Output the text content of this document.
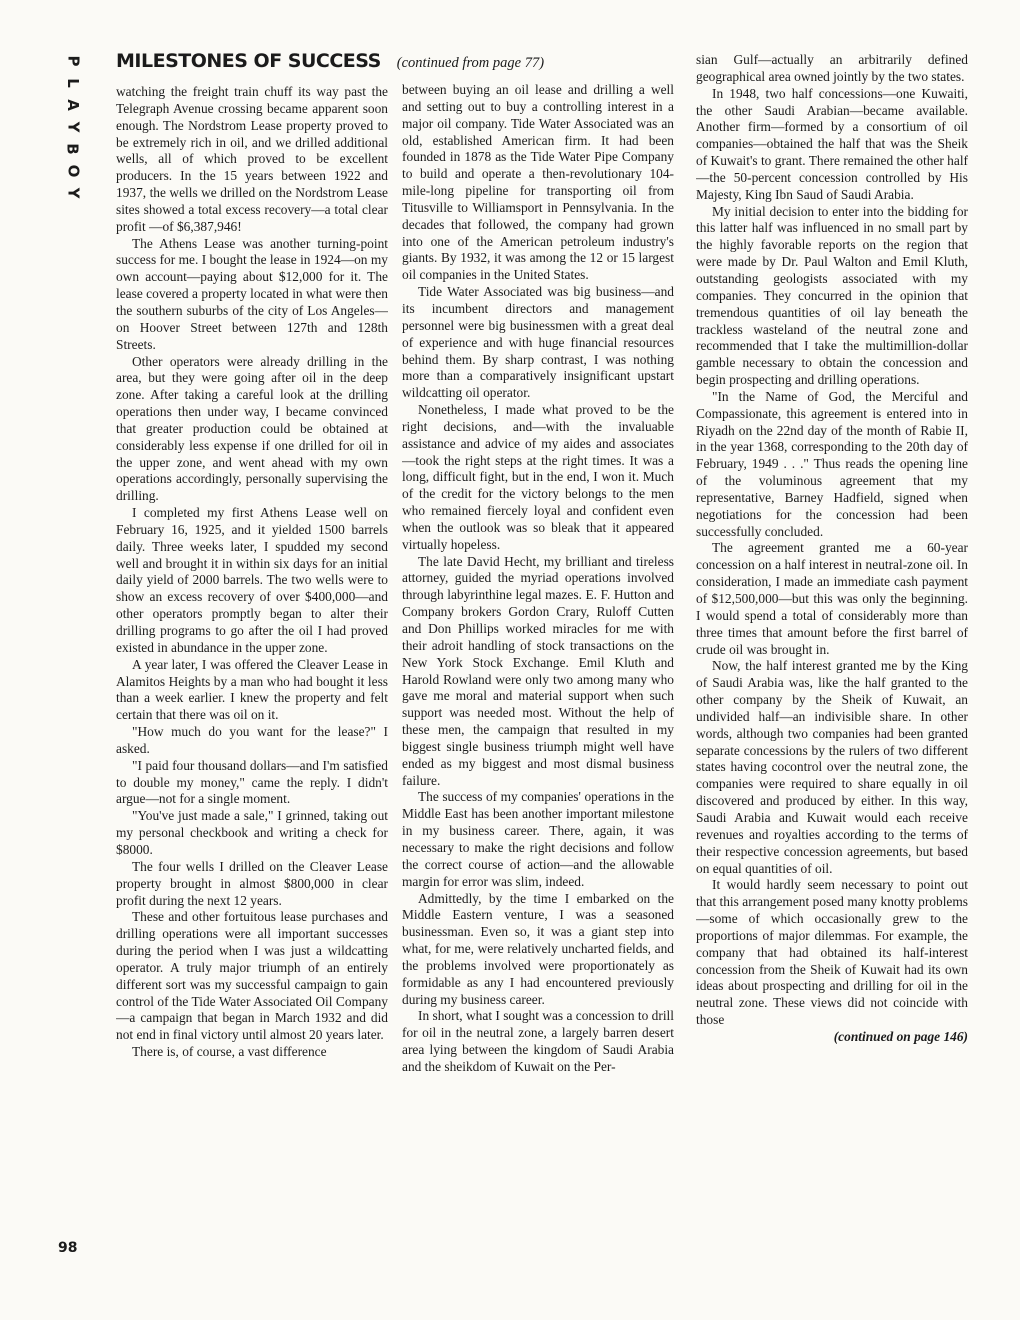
P
L
A
Y
B
O
Y
MILESTONES OF SUCCESS (continued from page 77)

watching the freight train chuff its way past the Telegraph Avenue crossing became apparent soon enough. The Nordstrom Lease property proved to be extremely rich in oil, and we drilled additional wells, all of which proved to be excellent producers. In the 15 years between 1922 and 1937, the wells we drilled on the Nordstrom Lease sites showed a total excess recovery—a total clear profit —of $6,387,946!

The Athens Lease was another turning-point success for me. I bought the lease in 1924—on my own account—paying about $12,000 for it. The lease covered a property located in what were then the southern suburbs of the city of Los Angeles—on Hoover Street between 127th and 128th Streets.

Other operators were already drilling in the area, but they were going after oil in the deep zone. After taking a careful look at the drilling operations then under way, I became convinced that greater production could be obtained at considerably less expense if one drilled for oil in the upper zone, and went ahead with my own operations accordingly, personally supervising the drilling.

I completed my first Athens Lease well on February 16, 1925, and it yielded 1500 barrels daily. Three weeks later, I spudded my second well and brought it in within six days for an initial daily yield of 2000 barrels. The two wells were to show an excess recovery of over $400,000—and other operators promptly began to alter their drilling programs to go after the oil I had proved existed in abundance in the upper zone.

A year later, I was offered the Cleaver Lease in Alamitos Heights by a man who had bought it less than a week earlier. I knew the property and felt certain that there was oil on it.

"How much do you want for the lease?" I asked.

"I paid four thousand dollars—and I'm satisfied to double my money," came the reply. I didn't argue—not for a single moment.

"You've just made a sale," I grinned, taking out my personal checkbook and writing a check for $8000.

The four wells I drilled on the Cleaver Lease property brought in almost $800,000 in clear profit during the next 12 years.

These and other fortuitous lease purchases and drilling operations were all important successes during the period when I was just a wildcatting operator. A truly major triumph of an entirely different sort was my successful campaign to gain control of the Tide Water Associated Oil Company—a campaign that began in March 1932 and did not end in final victory until almost 20 years later.

There is, of course, a vast difference

between buying an oil lease and drilling a well and setting out to buy a controlling interest in a major oil company. Tide Water Associated was an old, established American firm. It had been founded in 1878 as the Tide Water Pipe Company to build and operate a then-revolutionary 104-mile-long pipeline for transporting oil from Titusville to Williamsport in Pennsylvania. In the decades that followed, the company had grown into one of the American petroleum industry's giants. By 1932, it was among the 12 or 15 largest oil companies in the United States.

Tide Water Associated was big business—and its incumbent directors and management personnel were big businessmen with a great deal of experience and with huge financial resources behind them. By sharp contrast, I was nothing more than a comparatively insignificant upstart wildcatting oil operator.

Nonetheless, I made what proved to be the right decisions, and—with the invaluable assistance and advice of my aides and associates—took the right steps at the right times. It was a long, difficult fight, but in the end, I won it. Much of the credit for the victory belongs to the men who remained fiercely loyal and confident even when the outlook was so bleak that it appeared virtually hopeless.

The late David Hecht, my brilliant and tireless attorney, guided the myriad operations involved through labyrinthine legal mazes. E. F. Hutton and Company brokers Gordon Crary, Ruloff Cutten and Don Phillips worked miracles for me with their adroit handling of stock transactions on the New York Stock Exchange. Emil Kluth and Harold Rowland were only two among many who gave me moral and material support when such support was needed most. Without the help of these men, the campaign that resulted in my biggest single business triumph might well have ended as my biggest and most dismal business failure.

The success of my companies' operations in the Middle East has been another important milestone in my business career. There, again, it was necessary to make the right decisions and follow the correct course of action—and the allowable margin for error was slim, indeed.

Admittedly, by the time I embarked on the Middle Eastern venture, I was a seasoned businessman. Even so, it was a giant step into what, for me, were relatively uncharted fields, and the problems involved were proportionately as formidable as any I had encountered previously during my business career.

In short, what I sought was a concession to drill for oil in the neutral zone, a largely barren desert area lying between the kingdom of Saudi Arabia and the sheikdom of Kuwait on the Per-

sian Gulf—actually an arbitrarily defined geographical area owned jointly by the two states.

In 1948, two half concessions—one Kuwaiti, the other Saudi Arabian—became available. Another firm—formed by a consortium of oil companies—obtained the half that was the Sheik of Kuwait's to grant. There remained the other half —the 50-percent concession controlled by His Majesty, King Ibn Saud of Saudi Arabia.

My initial decision to enter into the bidding for this latter half was influenced in no small part by the highly favorable reports on the region that were made by Dr. Paul Walton and Emil Kluth, outstanding geologists associated with my companies. They concurred in the opinion that tremendous quantities of oil lay beneath the trackless wasteland of the neutral zone and recommended that I take the multimillion-dollar gamble necessary to obtain the concession and begin prospecting and drilling operations.

"In the Name of God, the Merciful and Compassionate, this agreement is entered into in Riyadh on the 22nd day of the month of Rabie II, in the year 1368, corresponding to the 20th day of February, 1949 . . ." Thus reads the opening line of the voluminous agreement that my representative, Barney Hadfield, signed when negotiations for the concession had been successfully concluded.

The agreement granted me a 60-year concession on a half interest in neutral-zone oil. In consideration, I made an immediate cash payment of $12,500,000—but this was only the beginning. I would spend a total of considerably more than three times that amount before the first barrel of crude oil was brought in.

Now, the half interest granted me by the King of Saudi Arabia was, like the half granted to the other company by the Sheik of Kuwait, an undivided half—an indivisible share. In other words, although two companies had been granted separate concessions by the rulers of two different states having cocontrol over the neutral zone, the companies were required to share equally in oil discovered and produced by either. In this way, Saudi Arabia and Kuwait would each receive revenues and royalties according to the terms of their respective concession agreements, but based on equal quantities of oil.

It would hardly seem necessary to point out that this arrangement posed many knotty problems—some of which occasionally grew to the proportions of major dilemmas. For example, the company that had obtained its half-interest concession from the Sheik of Kuwait had its own ideas about prospecting and drilling for oil in the neutral zone. These views did not coincide with those

(continued on page 146)

98
